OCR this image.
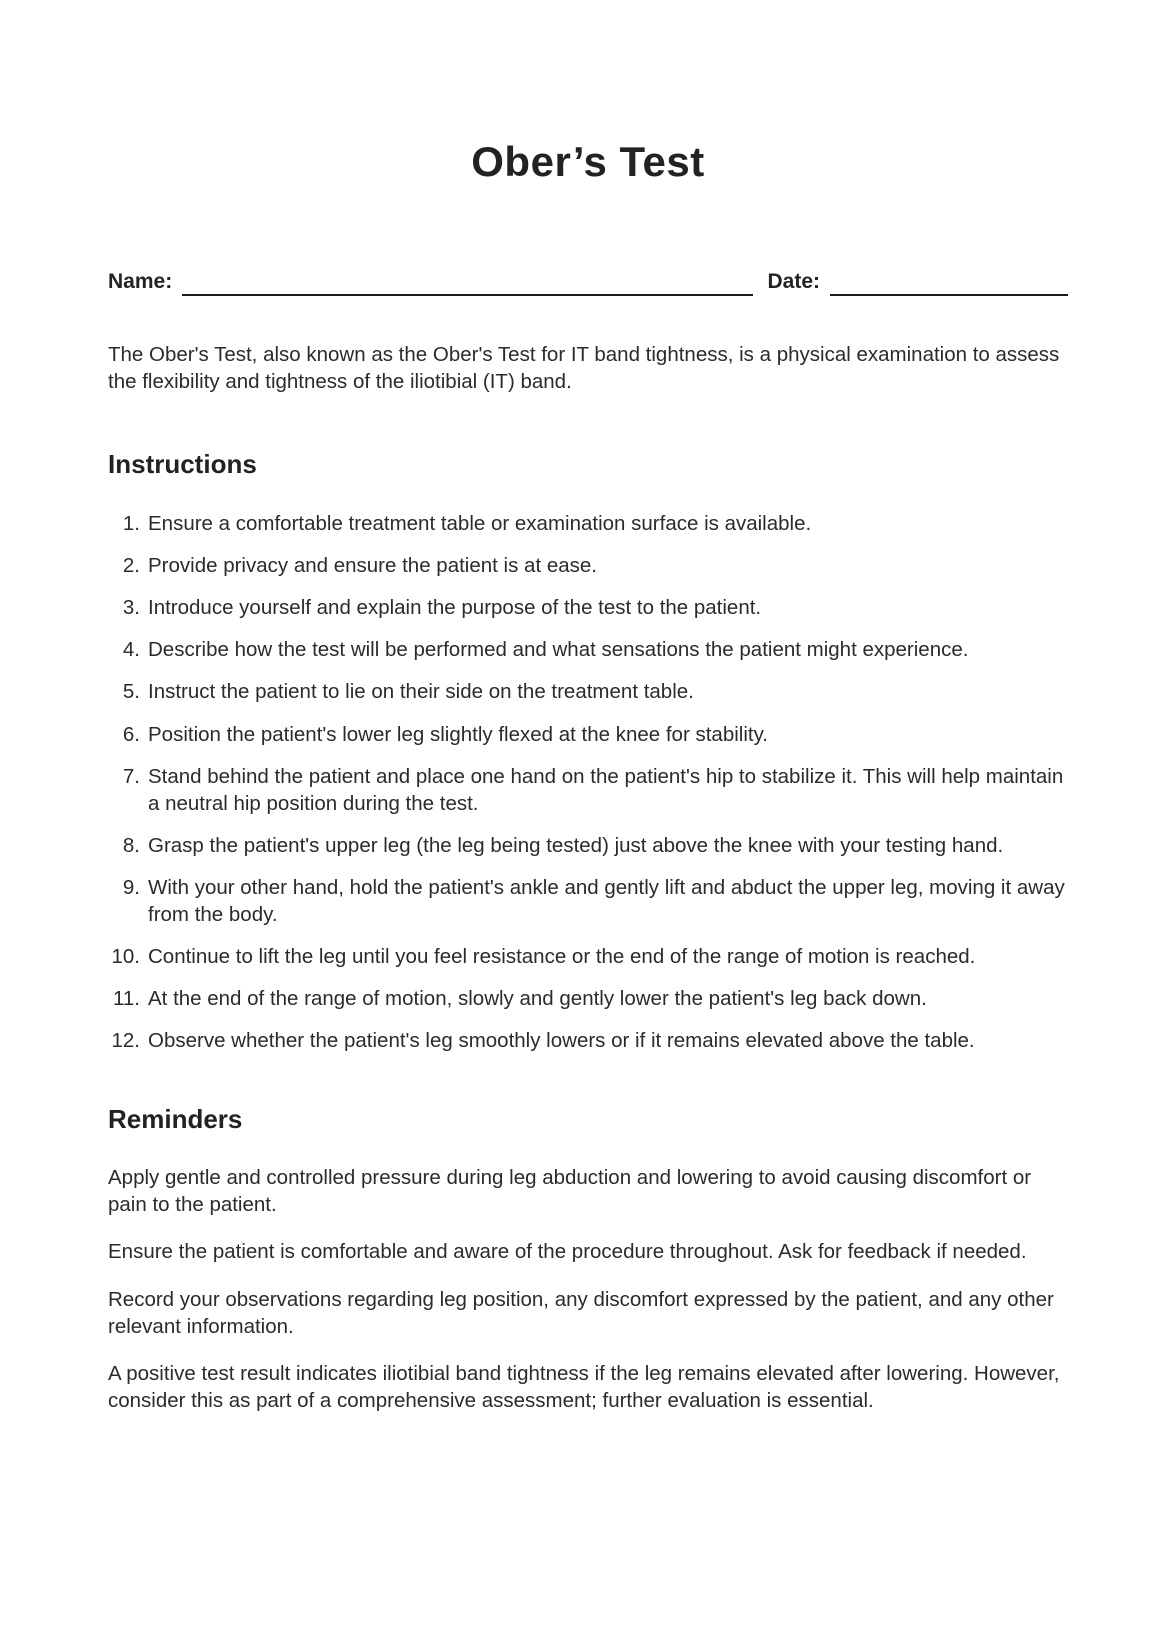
Ober’s Test
Name:	Date:

The Ober's Test, also known as the Ober's Test for IT band tightness, is a physical examination to assess the flexibility and tightness of the iliotibial (IT) band.

Instructions
1. Ensure a comfortable treatment table or examination surface is available.
2. Provide privacy and ensure the patient is at ease.
3. Introduce yourself and explain the purpose of the test to the patient.
4. Describe how the test will be performed and what sensations the patient might experience.
5. Instruct the patient to lie on their side on the treatment table.
6. Position the patient's lower leg slightly flexed at the knee for stability.
7. Stand behind the patient and place one hand on the patient's hip to stabilize it. This will help maintain a neutral hip position during the test.
8. Grasp the patient's upper leg (the leg being tested) just above the knee with your testing hand.
9. With your other hand, hold the patient's ankle and gently lift and abduct the upper leg, moving it away from the body.
10. Continue to lift the leg until you feel resistance or the end of the range of motion is reached.
11. At the end of the range of motion, slowly and gently lower the patient's leg back down.
12. Observe whether the patient's leg smoothly lowers or if it remains elevated above the table.
Reminders

Apply gentle and controlled pressure during leg abduction and lowering to avoid causing discomfort or pain to the patient.

Ensure the patient is comfortable and aware of the procedure throughout. Ask for feedback if needed.

Record your observations regarding leg position, any discomfort expressed by the patient, and any other relevant information.

A positive test result indicates iliotibial band tightness if the leg remains elevated after lowering. However, consider this as part of a comprehensive assessment; further evaluation is essential.
